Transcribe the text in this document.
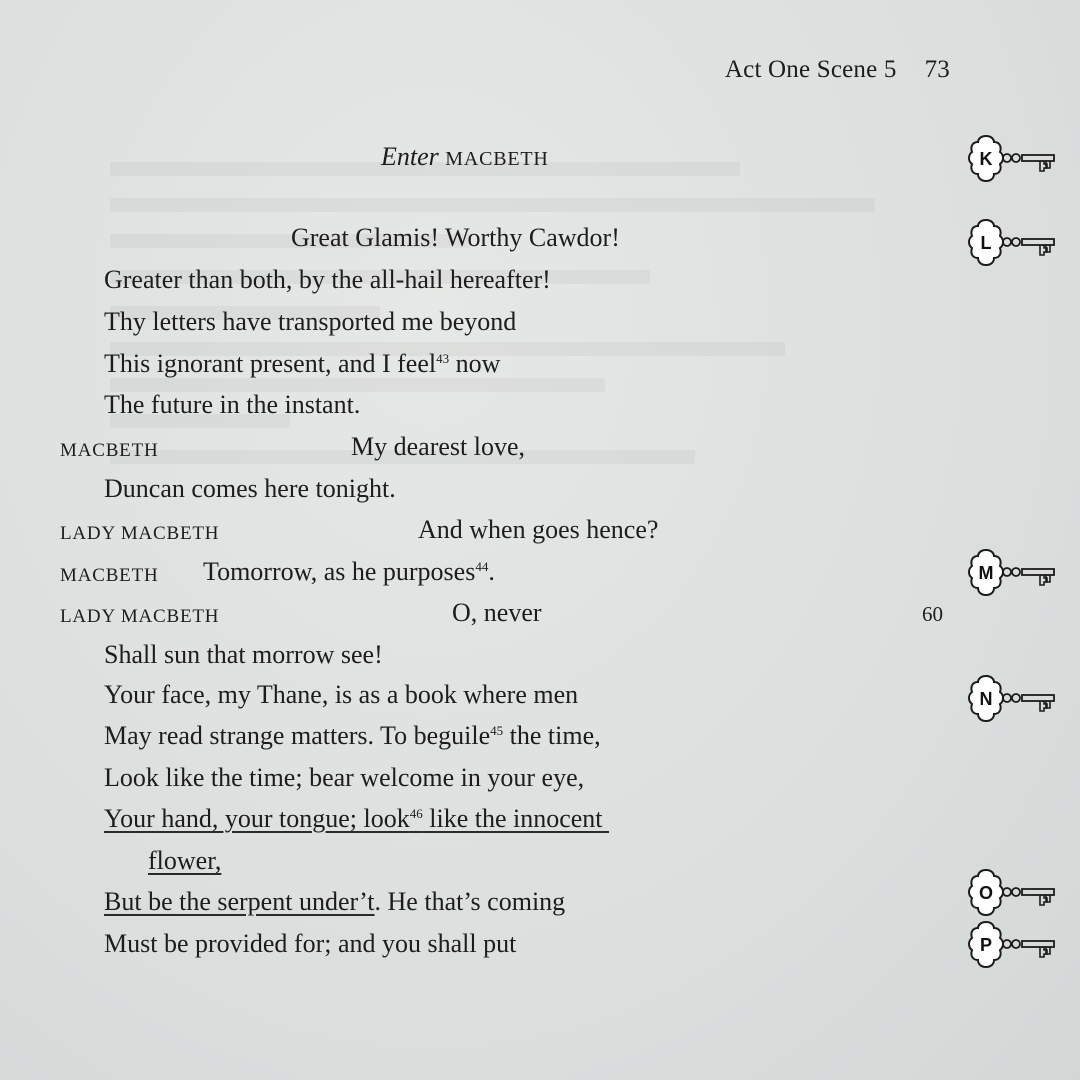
Act One Scene 5 73
Enter MACBETH
Great Glamis! Worthy Cawdor!
Greater than both, by the all-hail hereafter!
Thy letters have transported me beyond
This ignorant present, and I feel$^{43}$ now
The future in the instant.
MACBETH	My dearest love,
Duncan comes here tonight.
LADY MACBETH	And when goes hence?
MACBETH Tomorrow, as he purposes$^{44}$.
LADY MACBETH	O, never	60
Shall sun that morrow see!
Your face, my Thane, is as a book where men
May read strange matters. To beguile$^{45}$ the time,
Look like the time; bear welcome in your eye,
Your hand, your tongue; look$^{46}$ like the innocent
flower,
But be the serpent under’t. He that’s coming
Must be provided for; and you shall put
K
L
M
N
O
P
